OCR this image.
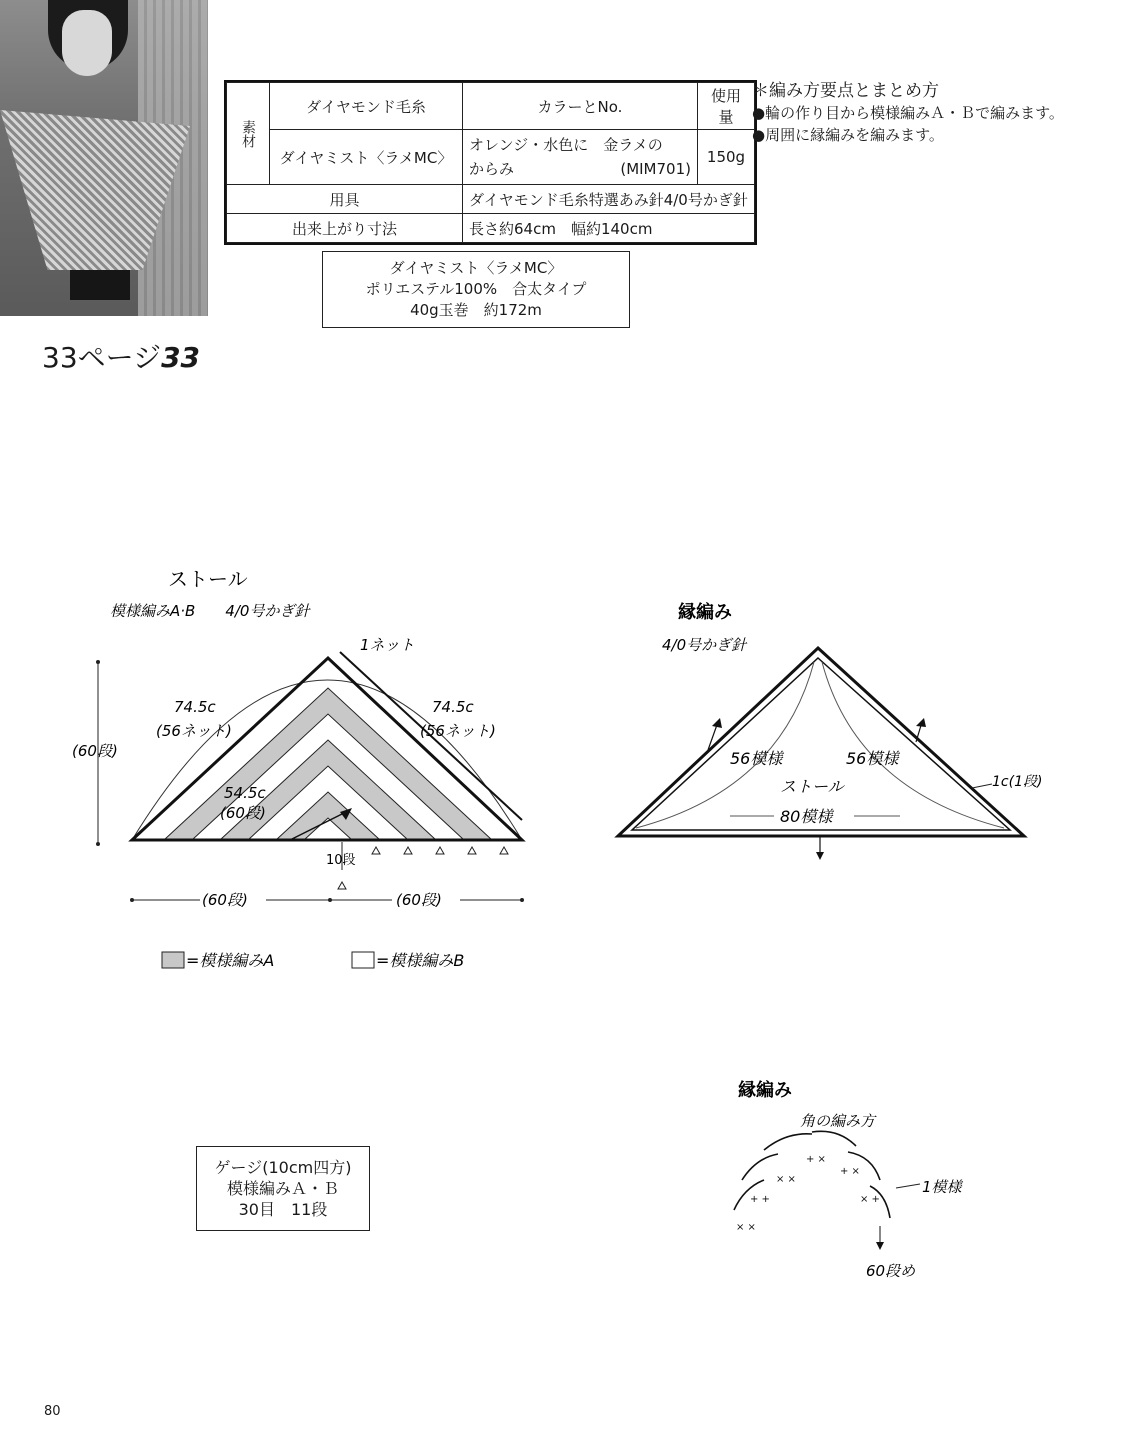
素材	ダイヤモンド毛糸	カラーとNo.	使用量
	ダイヤミスト〈ラメMC〉	オレンジ・水色に　金ラメの
からみ (MIM701)	150g
用具		ダイヤモンド毛糸特選あみ針4/0号かぎ針	
出来上がり寸法		長さ約64cm　幅約140cm	
＊編み方要点とまとめ方
●輪の作り目から模様編みＡ・Ｂで編みます。
●周囲に縁編みを編みます。
ダイヤミスト〈ラメMC〉
ポリエステル100%　合太タイプ
40g玉巻　約172m
33ページ33
ストール
模様編みA·B　　4/0号かぎ針
(60段)
1ネット
74.5c
(56ネット)
74.5c
(56ネット)
54.5c
(60段)
10段
(60段)	(60段)
=模様編みA	=模様編みB
縁編み
4/0号かぎ針
56模様	56模様
ストール
80模様
1c(1段)
縁編み
角の編み方
× ×
+ +
× ×
+ ×
+ ×
× +
1模様
60段め
ゲージ(10cm四方)
模様編みＡ・Ｂ
30目　11段
80
